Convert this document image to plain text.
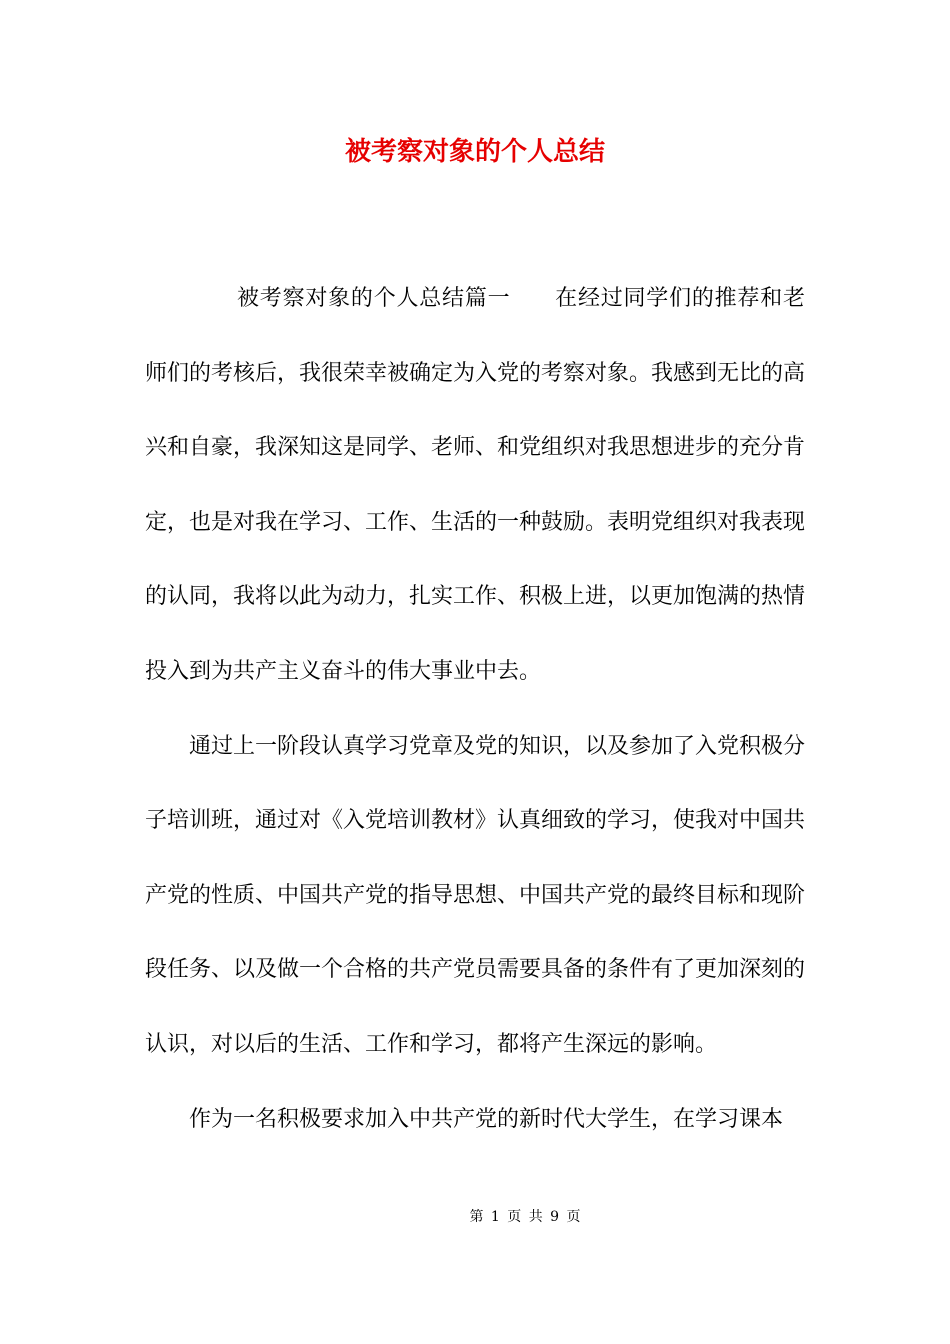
被考察对象的个人总结

被考察对象的个人总结篇一 在经过同学们的推荐和老师们的考核后，我很荣幸被确定为入党的考察对象。我感到无比的高兴和自豪，我深知这是同学、老师、和党组织对我思想进步的充分肯定，也是对我在学习、工作、生活的一种鼓励。表明党组织对我表现的认同，我将以此为动力，扎实工作、积极上进，以更加饱满的热情投入到为共产主义奋斗的伟大事业中去。

通过上一阶段认真学习党章及党的知识，以及参加了入党积极分子培训班，通过对《入党培训教材》认真细致的学习，使我对中国共产党的性质、中国共产党的指导思想、中国共产党的最终目标和现阶段任务、以及做一个合格的共产党员需要具备的条件有了更加深刻的认识，对以后的生活、工作和学习，都将产生深远的影响。

作为一名积极要求加入中共产党的新时代大学生，在学习课本

第 1 页 共 9 页
